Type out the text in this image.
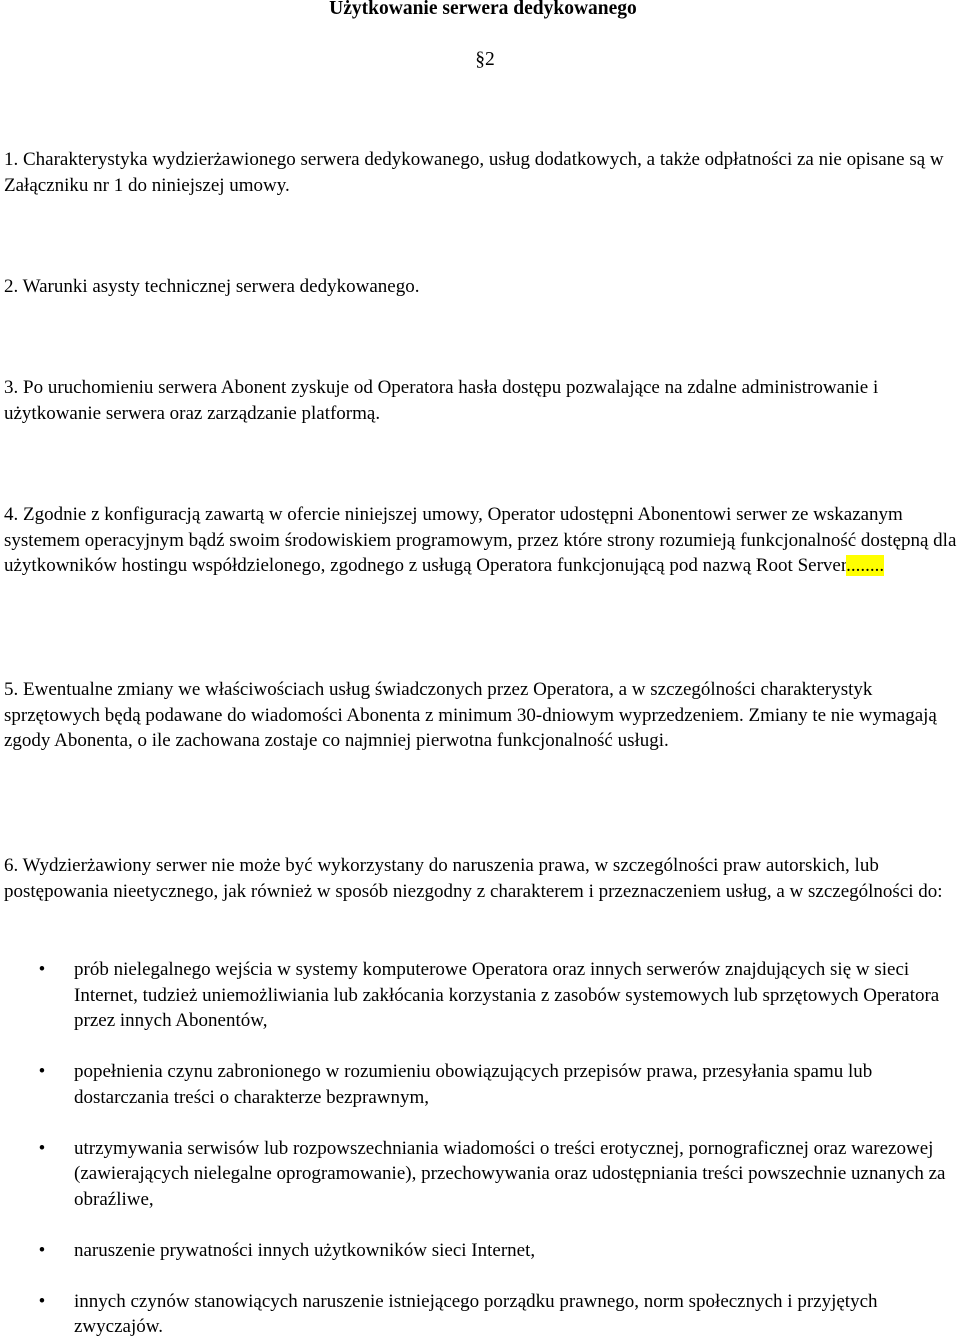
Użytkowanie serwera dedykowanego
§2

1. Charakterystyka wydzierżawionego serwera dedykowanego, usług dodatkowych, a także odpłatności za nie opisane są w Załączniku nr 1 do niniejszej umowy.

2. Warunki asysty technicznej serwera dedykowanego.

3. Po uruchomieniu serwera Abonent zyskuje od Operatora hasła dostępu pozwalające na zdalne administrowanie i użytkowanie serwera oraz zarządzanie platformą.

4. Zgodnie z konfiguracją zawartą w ofercie niniejszej umowy, Operator udostępni Abonentowi serwer ze wskazanym systemem operacyjnym bądź swoim środowiskiem programowym, przez które strony rozumieją funkcjonalność dostępną dla użytkowników hostingu współdzielonego, zgodnego z usługą Operatora funkcjonującą pod nazwą Root Server........

5. Ewentualne zmiany we właściwościach usług świadczonych przez Operatora, a w szczególności charakterystyk sprzętowych będą podawane do wiadomości Abonenta z minimum 30-dniowym wyprzedzeniem. Zmiany te nie wymagają zgody Abonenta, o ile zachowana zostaje co najmniej pierwotna funkcjonalność usługi.

6. Wydzierżawiony serwer nie może być wykorzystany do naruszenia prawa, w szczególności praw autorskich, lub postępowania nieetycznego, jak również w sposób niezgodny z charakterem i przeznaczeniem usług, a w szczególności do:

• prób nielegalnego wejścia w systemy komputerowe Operatora oraz innych serwerów znajdujących się w sieci Internet, tudzież uniemożliwiania lub zakłócania korzystania z zasobów systemowych lub sprzętowych Operatora przez innych Abonentów,
• popełnienia czynu zabronionego w rozumieniu obowiązujących przepisów prawa, przesyłania spamu lub dostarczania treści o charakterze bezprawnym,
• utrzymywania serwisów lub rozpowszechniania wiadomości o treści erotycznej, pornograficznej oraz warezowej (zawierających nielegalne oprogramowanie), przechowywania oraz udostępniania treści powszechnie uznanych za obraźliwe,
• naruszenie prywatności innych użytkowników sieci Internet,
• innych czynów stanowiących naruszenie istniejącego porządku prawnego, norm społecznych i przyjętych zwyczajów.
